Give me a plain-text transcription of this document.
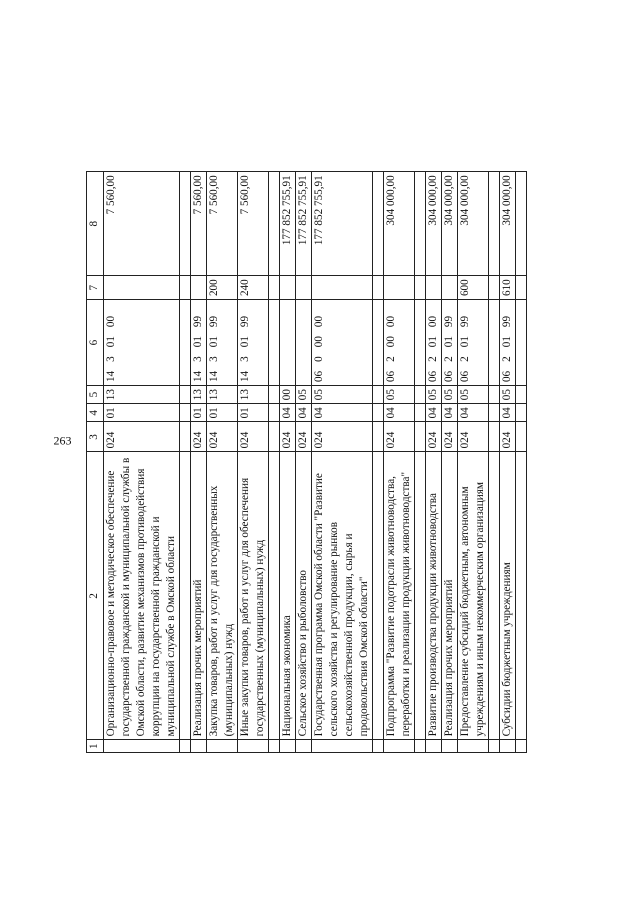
263
1	2	3	4	5	6	7	8
	Организационно-правовое и методическое обеспечение государственной гражданской и муниципальной службы в Омской области, развитие механизмов противодействия коррупции на государственной гражданской и муниципальной службе в Омской области	024	01	13	1430100		7 560,00

	Реализация прочих мероприятий	024	01	13	1430199		7 560,00
	Закупка товаров, работ и услуг для государственных (муниципальных) нужд	024	01	13	1430199	200	7 560,00
	Иные закупки товаров, работ и услуг для обеспечения государственных (муниципальных) нужд	024	01	13	1430199	240	7 560,00

	Национальная экономика	024	04	00			177 852 755,91
	Сельское хозяйство и рыболовство	024	04	05			177 852 755,91
	Государственная программа Омской области "Развитие сельского хозяйства и регулирование рынков сельскохозяйственной продукции, сырья и продовольствия Омской области"	024	04	05	0600000		177 852 755,91

	Подпрограмма "Развитие подотрасли животноводства, переработки и реализации продукции животноводства"	024	04	05	0620000		304 000,00

	Развитие производства продукции животноводства	024	04	05	0620100		304 000,00
	Реализация прочих мероприятий	024	04	05	0620199		304 000,00
	Предоставление субсидий бюджетным, автономным учреждениям и иным некоммерческим организациям	024	04	05	0620199	600	304 000,00

	Субсидии бюджетным учреждениям	024	04	05	0620199	610	304 000,00
